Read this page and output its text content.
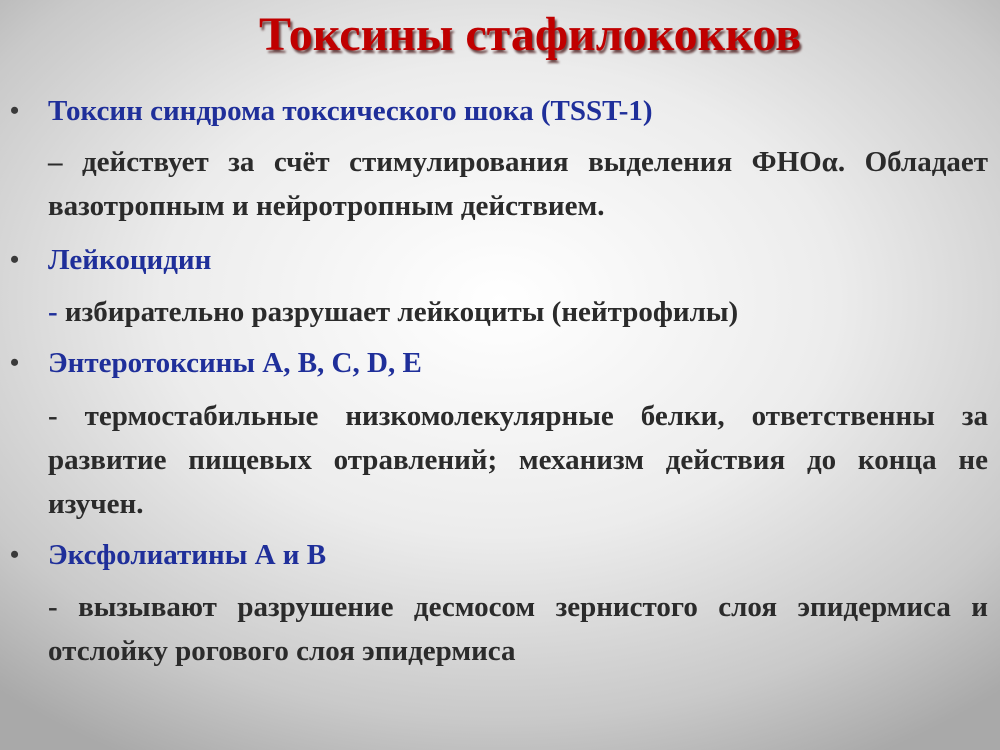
Токсины стафилококков
• Токсин синдрома токсического шока (TSST-1)
– действует за счёт стимулирования выделения ФНОα. Обладает вазотропным и нейротропным действием.
• Лейкоцидин
- избирательно разрушает лейкоциты (нейтрофилы)
• Энтеротоксины А, В, С, D, Е
- термостабильные низкомолекулярные белки, ответственны за развитие пищевых отравлений; механизм действия до конца не изучен.
• Эксфолиатины А и В
- вызывают разрушение десмосом зернистого слоя эпидермиса и отслойку рогового слоя эпидермиса
